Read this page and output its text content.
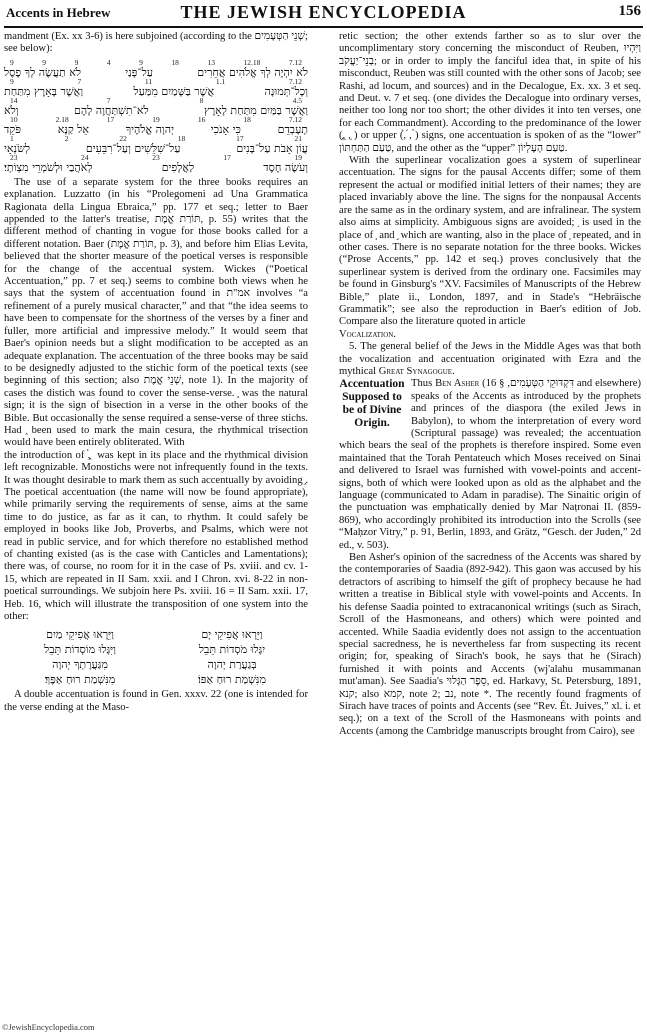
Accents in Hebrew	THE JEWISH ENCYCLOPEDIA	156

mandment (Ex. xx 3-6) is here subjoined (according to the שְׁנֵי הַטְּעָמִים; see below):

7.12
12.18
13
18
9
4
9
9
9
לֹא יִהְיֶה לְךָ אֱלֹהִים אֲחֵרִים
עַל־פָּנַי
לֹא תַעֲשֶׂה לְךָ פֶסֶל
7.12
1.1
11
7
9
וְכָל־תְּמוּנָה
אֲשֶׁר בַּשָּׁמַיִם מִמַּעַל
וַאֲשֶׁר בָּאָרֶץ מִתַּחַת
4.5
8
7
14
וַאֲשֶׁר בַּמַּיִם מִתַּחַת לָאָרֶץ
לֹא־תִשְׁתַּחֲוֶה לָהֶם
וְלֹא
7.12
18
16
19
17
2.18
10
תָעָבְדֵם
כִּי אָנֹכִי
יְהוָה אֱלֹהֶיךָ
אֵל קַנָּא
פֹּקֵד
21
17
18
22
2
1
עֲוֹן אָבֹת עַל־בָּנִים
עַל־שִׁלֵּשִׁים וְעַל־רִבֵּעִים
לְשֹׂנְאָי
19
17
23
24
23
וְעֹשֶׂה חֶסֶד
לַאֲלָפִים
לְאֹהֲבַי וּלְשֹׁמְרֵי מִצְוֹתָי׃

The use of a separate system for the three books requires an explanation. Luzzatto (in his “Prolegomeni ad Una Grammatica Ragionata della Lingua Ebraica,” pp. 177 et seq.; letter to Baer appended to the latter's treatise, תּוֹרַת אֱמֶת, p. 55) writes that the different method of chanting in vogue for those books called for a different notation. Baer (תּוֹרַת אֱמֶת, p. 3), and before him Elias Levita, believed that the shorter measure of the poetical verses is responsible for the change of the accentual system. Wickes (“Poetical Accentuation,” pp. 7 et seq.) seems to combine both views when he says that the system of accentuation found in אמ"ת involves “a refinement of a purely musical character,” and that “the idea seems to have been to compensate for the shortness of the verses by a finer and fuller, more artificial and impressive melody.” It would seem that Baer's opinion needs but a slight modification to be accepted as an adequate explanation. The accentuation of the three books may be said to be designedly adjusted to the stichic form of the poetical texts (see beginning of this section; also שְׁנֵי אֱמֶת, note 1). In the majority of cases the distich was found to cover the sense-verse. ֑ was the natural sign; it is the sign of bisection in a verse in the other books of the Bible. But occasionally the sense required a sense-verse of three stichs. Had ֑ been used to mark the main cesura, the rhythmical trisection would have been entirely obliterated. With

the introduction of ֫, ֑ was kept in its place and the rhythmical division left recognizable. Monostichs were not infrequently found in the texts. It was thought desirable to mark them as such accentually by avoiding ֑. The poetical accentuation (the name will now be found appropriate), while primarily serving the requirements of sense, aims at the same time to do justice, as far as it can, to rhythm. It could safely be employed in books like Job, Proverbs, and Psalms, which were not read in public service, and for which therefore no established method of chanting existed (as is the case with Canticles and Lamentations); there was, of course, no room for it in the case of Ps. xviii. and cv. 1-15, which are repeated in II Sam. xxii. and I Chron. xvi. 8-22 in non-poetical surroundings. We subjoin here Ps. xviii. 16 = II Sam. xxii. 17, Heb. 16, which will illustrate the transposition of one system into the other:

וַיֵּרָאוּ אֲפִיקֵי יָם
וַיֵּרָאוּ אֲפִיקֵי מַיִם
יִגָּלוּ מֹסְדוֹת תֵּבֵל
וַיִּגָּלוּ מוֹסְדוֹת תֵּבֵל
בְּגַעֲרַת יְהוָה
מִגַּעֲרָתְךָ יְהוָה
מִנִּשְׁמַת רוּחַ אַפּוֹ׃
מִנִּשְׁמַת רוּחַ אַפֶּךָ׃

A double accentuation is found in Gen. xxxv. 22 (one is intended for the verse ending at the Maso-

retic section; the other extends farther so as to slur over the uncomplimentary story concerning the misconduct of Reuben, וַיִּהְיוּ בְנֵי־יַעֲקֹב; or in order to imply the fanciful idea that, in spite of his misconduct, Reuben was still counted with the other sons of Jacob; see Rashi, ad locum, and sources) and in the Decalogue, Ex. xx. 3 et seq. and Deut. v. 7 et seq. (one divides the Decalogue into ordinary verses, neither too long nor too short; the other divides it into ten verses, one for each Commandment). According to the predominance of the lower (֑, ֖, ֥) or upper (֙, ֜, ֒) signs, one accentuation is spoken of as the “lower” טַעַם הַתַּחְתּוֹן, and the other as the “upper” טַעַם הָעֶלְיוֹן.

With the superlinear vocalization goes a system of superlinear accentuation. The signs for the pausal Accents differ; some of them represent the actual or modified initial letters of their names; they are placed invariably above the line. The signs for the nonpausal Accents are the same as in the ordinary system, and are infralinear. The system also aims at simplicity. Ambiguous signs are avoided; ֥ is used in the place of ֤ and ֣ which are wanting, also in the place of ֤ repeated, and in other cases. There is no separate notation for the three books. Wickes (“Prose Accents,” pp. 142 et seq.) proves conclusively that the superlinear system is derived from the ordinary one. Facsimiles may be found in Ginsburg's “XV. Facsimiles of Manuscripts of the Hebrew Bible,” plate ii., London, 1897, and in Stade's “Hebräische Grammatik”; see also the reproduction in Baer's edition of Job. Compare also the literature quoted in article

Vocalization.

5. The general belief of the Jews in the Middle Ages was that both the vocalization and accentuation originated with Ezra and the mythical Great Synagogue.

Accentuation Supposed to be of Divine Origin.

Thus Ben Asher (דִּקְדּוּקֵי הַטְּעָמִים, § 16 and elsewhere) speaks of the Accents as introduced by the prophets and princes of the diaspora (the exiled Jews in Babylon), to whom the interpretation of every word (Scriptural passage) was revealed; the accentuation which bears the seal of the prophets is therefore inspired. Some even maintained that the Torah Pentateuch which Moses received on Sinai and delivered to Israel was furnished with vowel-points and accent-signs, both of which were looked upon as old as the alphabet and the language (communicated to Adam in paradise). The Sinaitic origin of the punctuation was emphatically denied by Mar Naṭronai II. (859-869), who accordingly prohibited its introduction into the Scrolls (see “Maḥzor Vitry,” p. 91, Berlin, 1893, and Grätz, “Gesch. der Juden,” 2d ed., v. 503).

Ben Asher's opinion of the sacredness of the Accents was shared by the contemporaries of Saadia (892-942). This gaon was accused by his detractors of ascribing to himself the gift of prophecy because he had written a treatise in Biblical style with vowel-points and Accents. In his defense Saadia pointed to extracanonical writings (such as Sirach, Scroll of the Hasmoneans, and others) which were pointed and accented. While Saadia evidently does not assign to the accentuation special sacredness, he is nevertheless far from suspecting its recent origin; for, speaking of Sirach's book, he says that he (Sirach) furnished it with points and Accents (wj'alahu musammanan mut'aman). See Saadia's סֵפֶר הַגָּלוּי, ed. Harkavy, St. Petersburg, 1891, קנא; also קמא, note 2; נב, note *. The recently found fragments of Sirach have traces of points and Accents (see “Rev. Ét. Juives,” xl. i. et seq.); on a text of the Scroll of the Hasmoneans with points and Accents (among the Cambridge manuscripts brought from Cairo), see

©JewishEncyclopedia.com
